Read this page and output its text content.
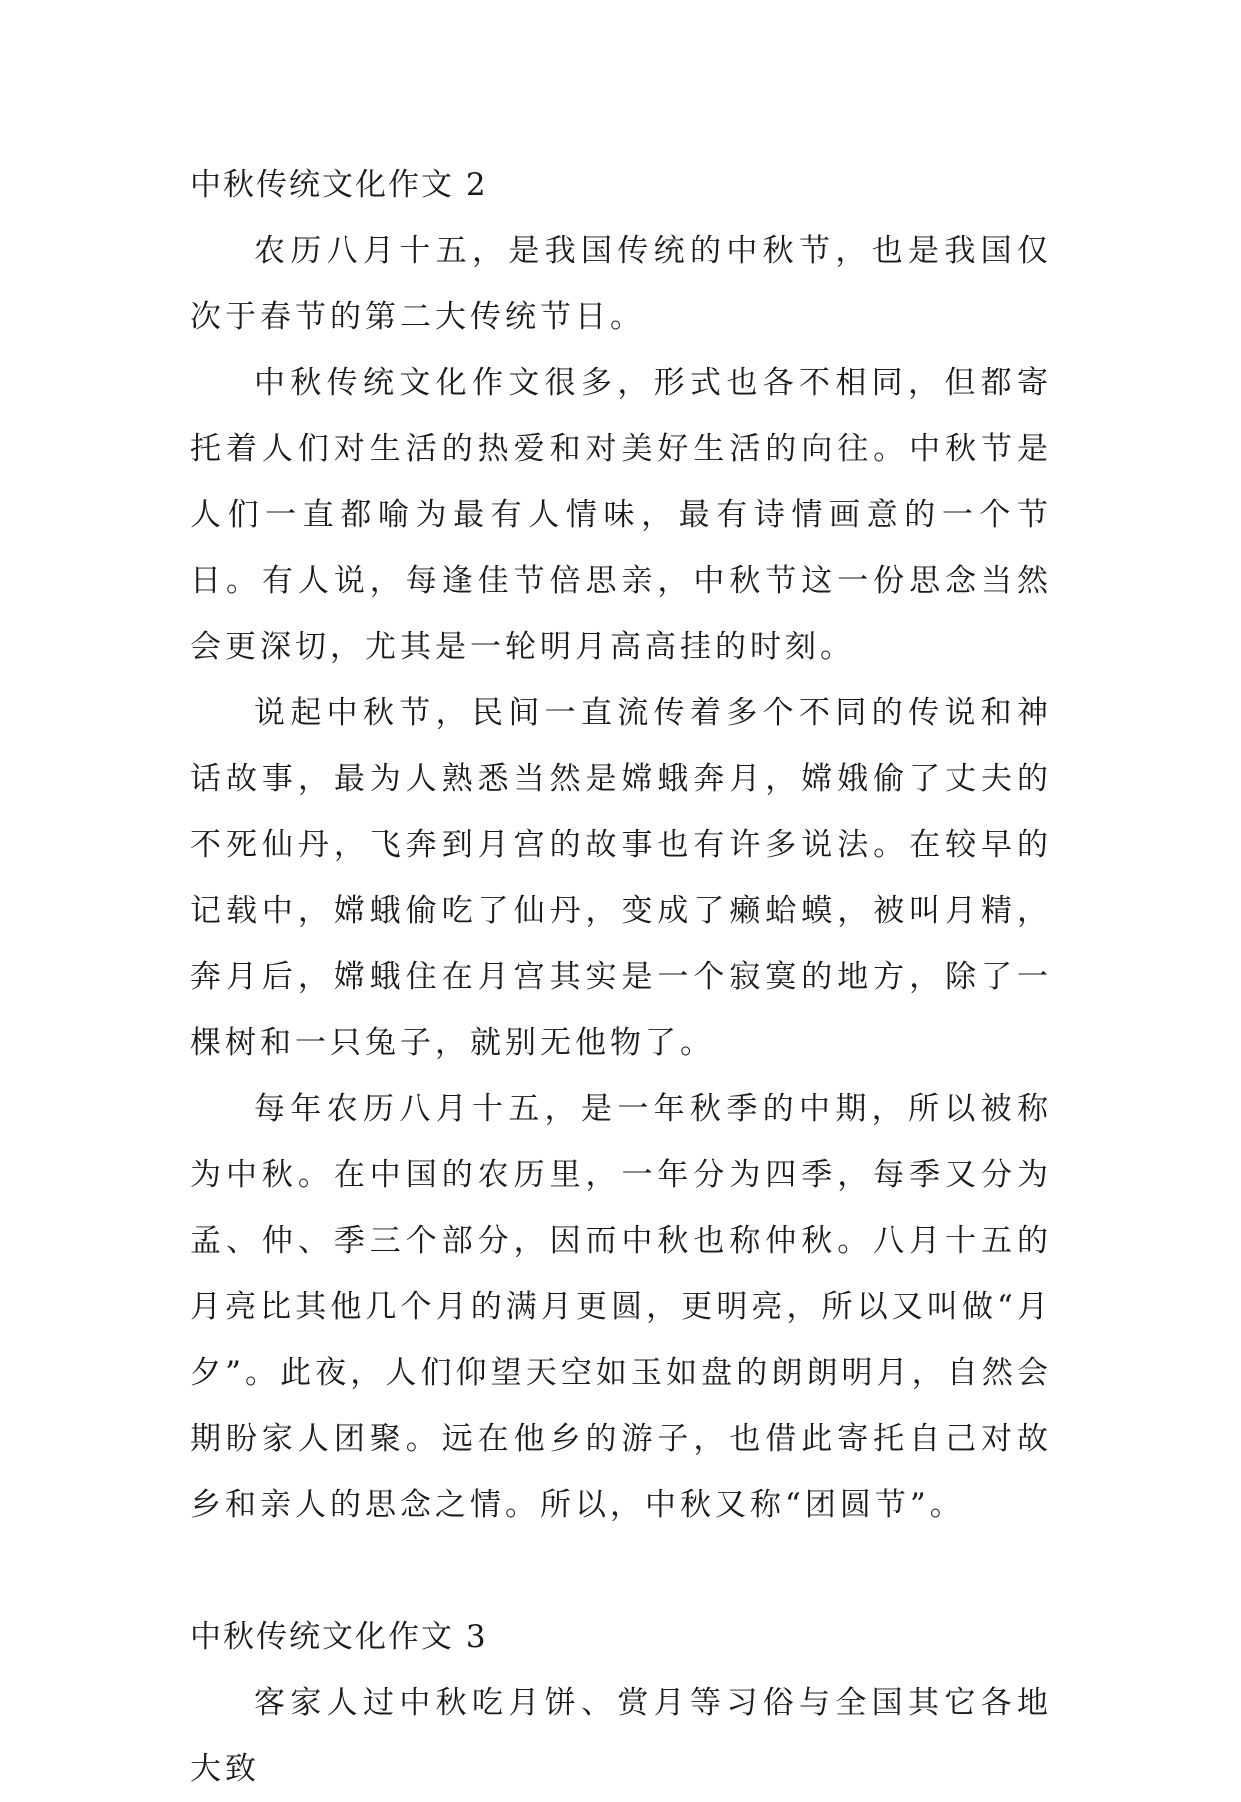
中秋传统文化作文 2

农历八月十五，是我国传统的中秋节，也是我国仅次于春节的第二大传统节日。

中秋传统文化作文很多，形式也各不相同，但都寄托着人们对生活的热爱和对美好生活的向往。中秋节是人们一直都喻为最有人情味，最有诗情画意的一个节日。有人说，每逢佳节倍思亲，中秋节这一份思念当然会更深切，尤其是一轮明月高高挂的时刻。

说起中秋节，民间一直流传着多个不同的传说和神话故事，最为人熟悉当然是嫦蛾奔月，嫦娥偷了丈夫的不死仙丹，飞奔到月宫的故事也有许多说法。在较早的记载中，嫦蛾偷吃了仙丹，变成了癞蛤蟆，被叫月精，奔月后，嫦蛾住在月宫其实是一个寂寞的地方，除了一棵树和一只兔子，就别无他物了。

每年农历八月十五，是一年秋季的中期，所以被称为中秋。在中国的农历里，一年分为四季，每季又分为孟、仲、季三个部分，因而中秋也称仲秋。八月十五的月亮比其他几个月的满月更圆，更明亮，所以又叫做“月夕”。此夜，人们仰望天空如玉如盘的朗朗明月，自然会期盼家人团聚。远在他乡的游子，也借此寄托自己对故乡和亲人的思念之情。所以，中秋又称“团圆节”。

中秋传统文化作文 3

客家人过中秋吃月饼、赏月等习俗与全国其它各地大致
